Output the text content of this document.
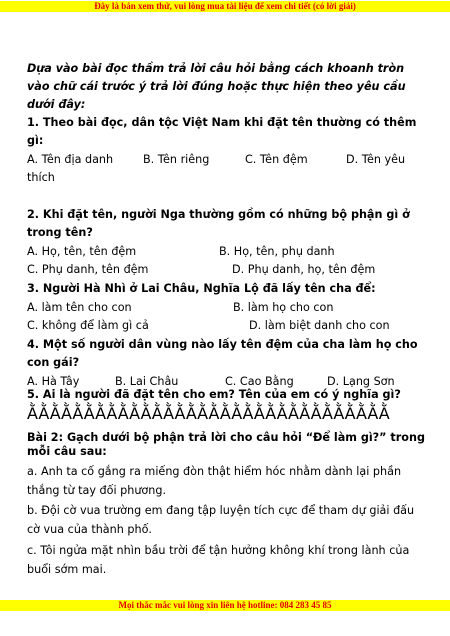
Đây là bản xem thử, vui lòng mua tài liệu để xem chi tiết (có lời giải)
Dựa vào bài đọc thầm trả lời câu hỏi bằng cách khoanh tròn
vào chữ cái trước ý trả lời đúng hoặc thực hiện theo yêu cầu
dưới đây:
1. Theo bài đọc, dân tộc Việt Nam khi đặt tên thường có thêm
gì:
A. Tên địa danh	B. Tên riêng	C. Tên đệm	D. Tên yêu
thích
2. Khi đặt tên, người Nga thường gồm có những bộ phận gì ở
trong tên?
A. Họ, tên, tên đệm	B. Họ, tên, phụ danh
C. Phụ danh, tên đệm	D. Phụ danh, họ, tên đệm
3. Người Hà Nhì ở Lai Châu, Nghĩa Lộ đã lấy tên cha để:
A. làm tên cho con	B. làm họ cho con
C. không để làm gì cả	D. làm biệt danh cho con
4. Một số người dân vùng nào lấy tên đệm của cha làm họ cho
con gái?
A. Hà Tây	B. Lai Châu	C. Cao Bằng	D. Lạng Sơn
5. Ai là người đã đặt tên cho em? Tên của em có ý nghĩa gì?
ẰẰẰẰẰẰẰẰẰẰẰẰẰẰẰẰẰẰẰẰẰẰẰẰẰẰẰẰẰẰẰẰ
Bài 2: Gạch dưới bộ phận trả lời cho câu hỏi “Để làm gì?” trong
mỗi câu sau:
a. Anh ta cố gắng ra miếng đòn thật hiểm hóc nhằm dành lại phần thắng từ tay đối phương.
b. Đội cờ vua trường em đang tập luyện tích cực để tham dự giải đấu cờ vua của thành phố.
c. Tôi ngửa mặt nhìn bầu trời để tận hưởng không khí trong lành của buổi sớm mai.
Mọi thắc mắc vui lòng xin liên hệ hotline: 084 283 45 85
